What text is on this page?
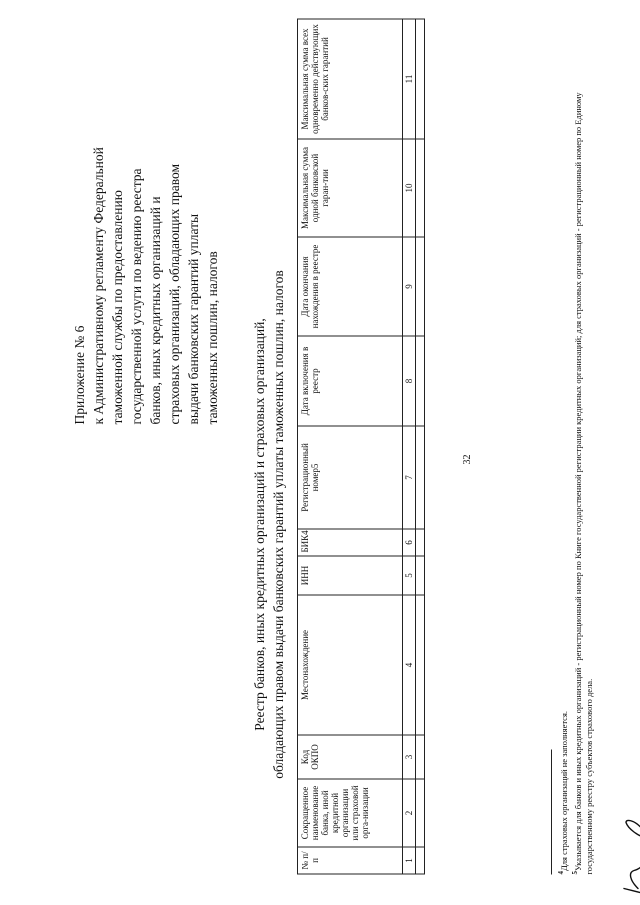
32
Приложение № 6 к Административному регламенту Федеральной таможенной службы по предоставлению государственной услуги по ведению реестра банков, иных кредитных организаций и страховых организаций, обладающих правом выдачи банковских гарантий уплаты таможенных пошлин, налогов Реестр банков, иных кредитных организаций и страховых организаций, обладающих правом выдачи банковских гарантий уплаты таможенных пошлин, налогов
№ п/п	Сокращенное наименование банка, иной кредитной организации или страховой орга-низации	Код ОКПО	Местонахождение	ИНН	БИК4	Регистрационный номер5	Дата включения в реестр	Дата окончания нахождения в реестре	Максимальная сумма одной банковской гаран-тии	Максимальная сумма всех одновременно действующих банков-ских гарантий
1	2	3	4	5	6	7	8	9	10	11

$^4$Для страховых организаций не заполняется.
$^5$Указывается для банков и иных кредитных организаций - регистрационный номер по Книге государственной регистрации кредитных организаций; для страховых организаций - регистрационный номер по Единому государственному реестру субъектов страхового дела.
